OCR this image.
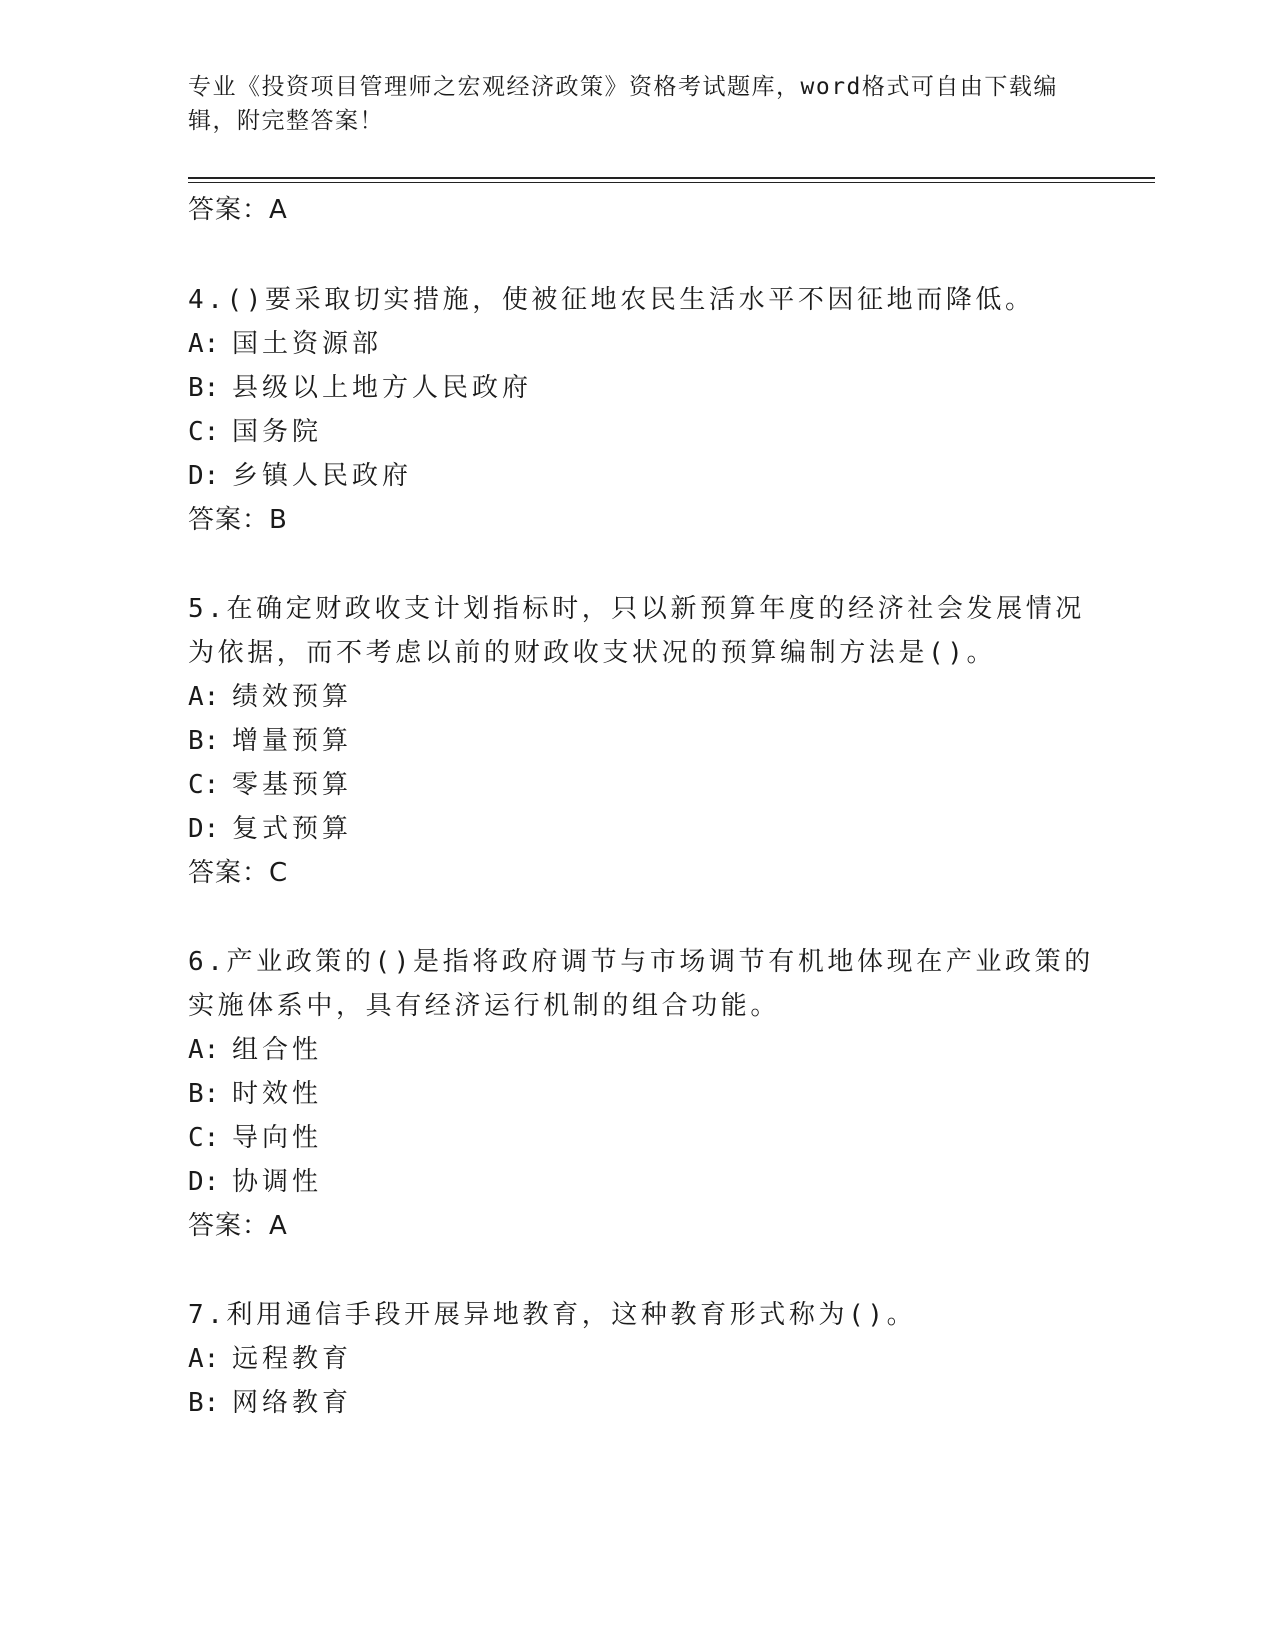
专业《投资项目管理师之宏观经济政策》资格考试题库，word格式可自由下载编
辑，附完整答案！
答案：A
4.()要采取切实措施，使被征地农民生活水平不因征地而降低。
A: 国土资源部
B: 县级以上地方人民政府
C: 国务院
D: 乡镇人民政府
答案：B
5.在确定财政收支计划指标时，只以新预算年度的经济社会发展情况
为依据，而不考虑以前的财政收支状况的预算编制方法是()。
A: 绩效预算
B: 增量预算
C: 零基预算
D: 复式预算
答案：C
6.产业政策的()是指将政府调节与市场调节有机地体现在产业政策的
实施体系中，具有经济运行机制的组合功能。
A: 组合性
B: 时效性
C: 导向性
D: 协调性
答案：A
7.利用通信手段开展异地教育，这种教育形式称为()。
A: 远程教育
B: 网络教育
